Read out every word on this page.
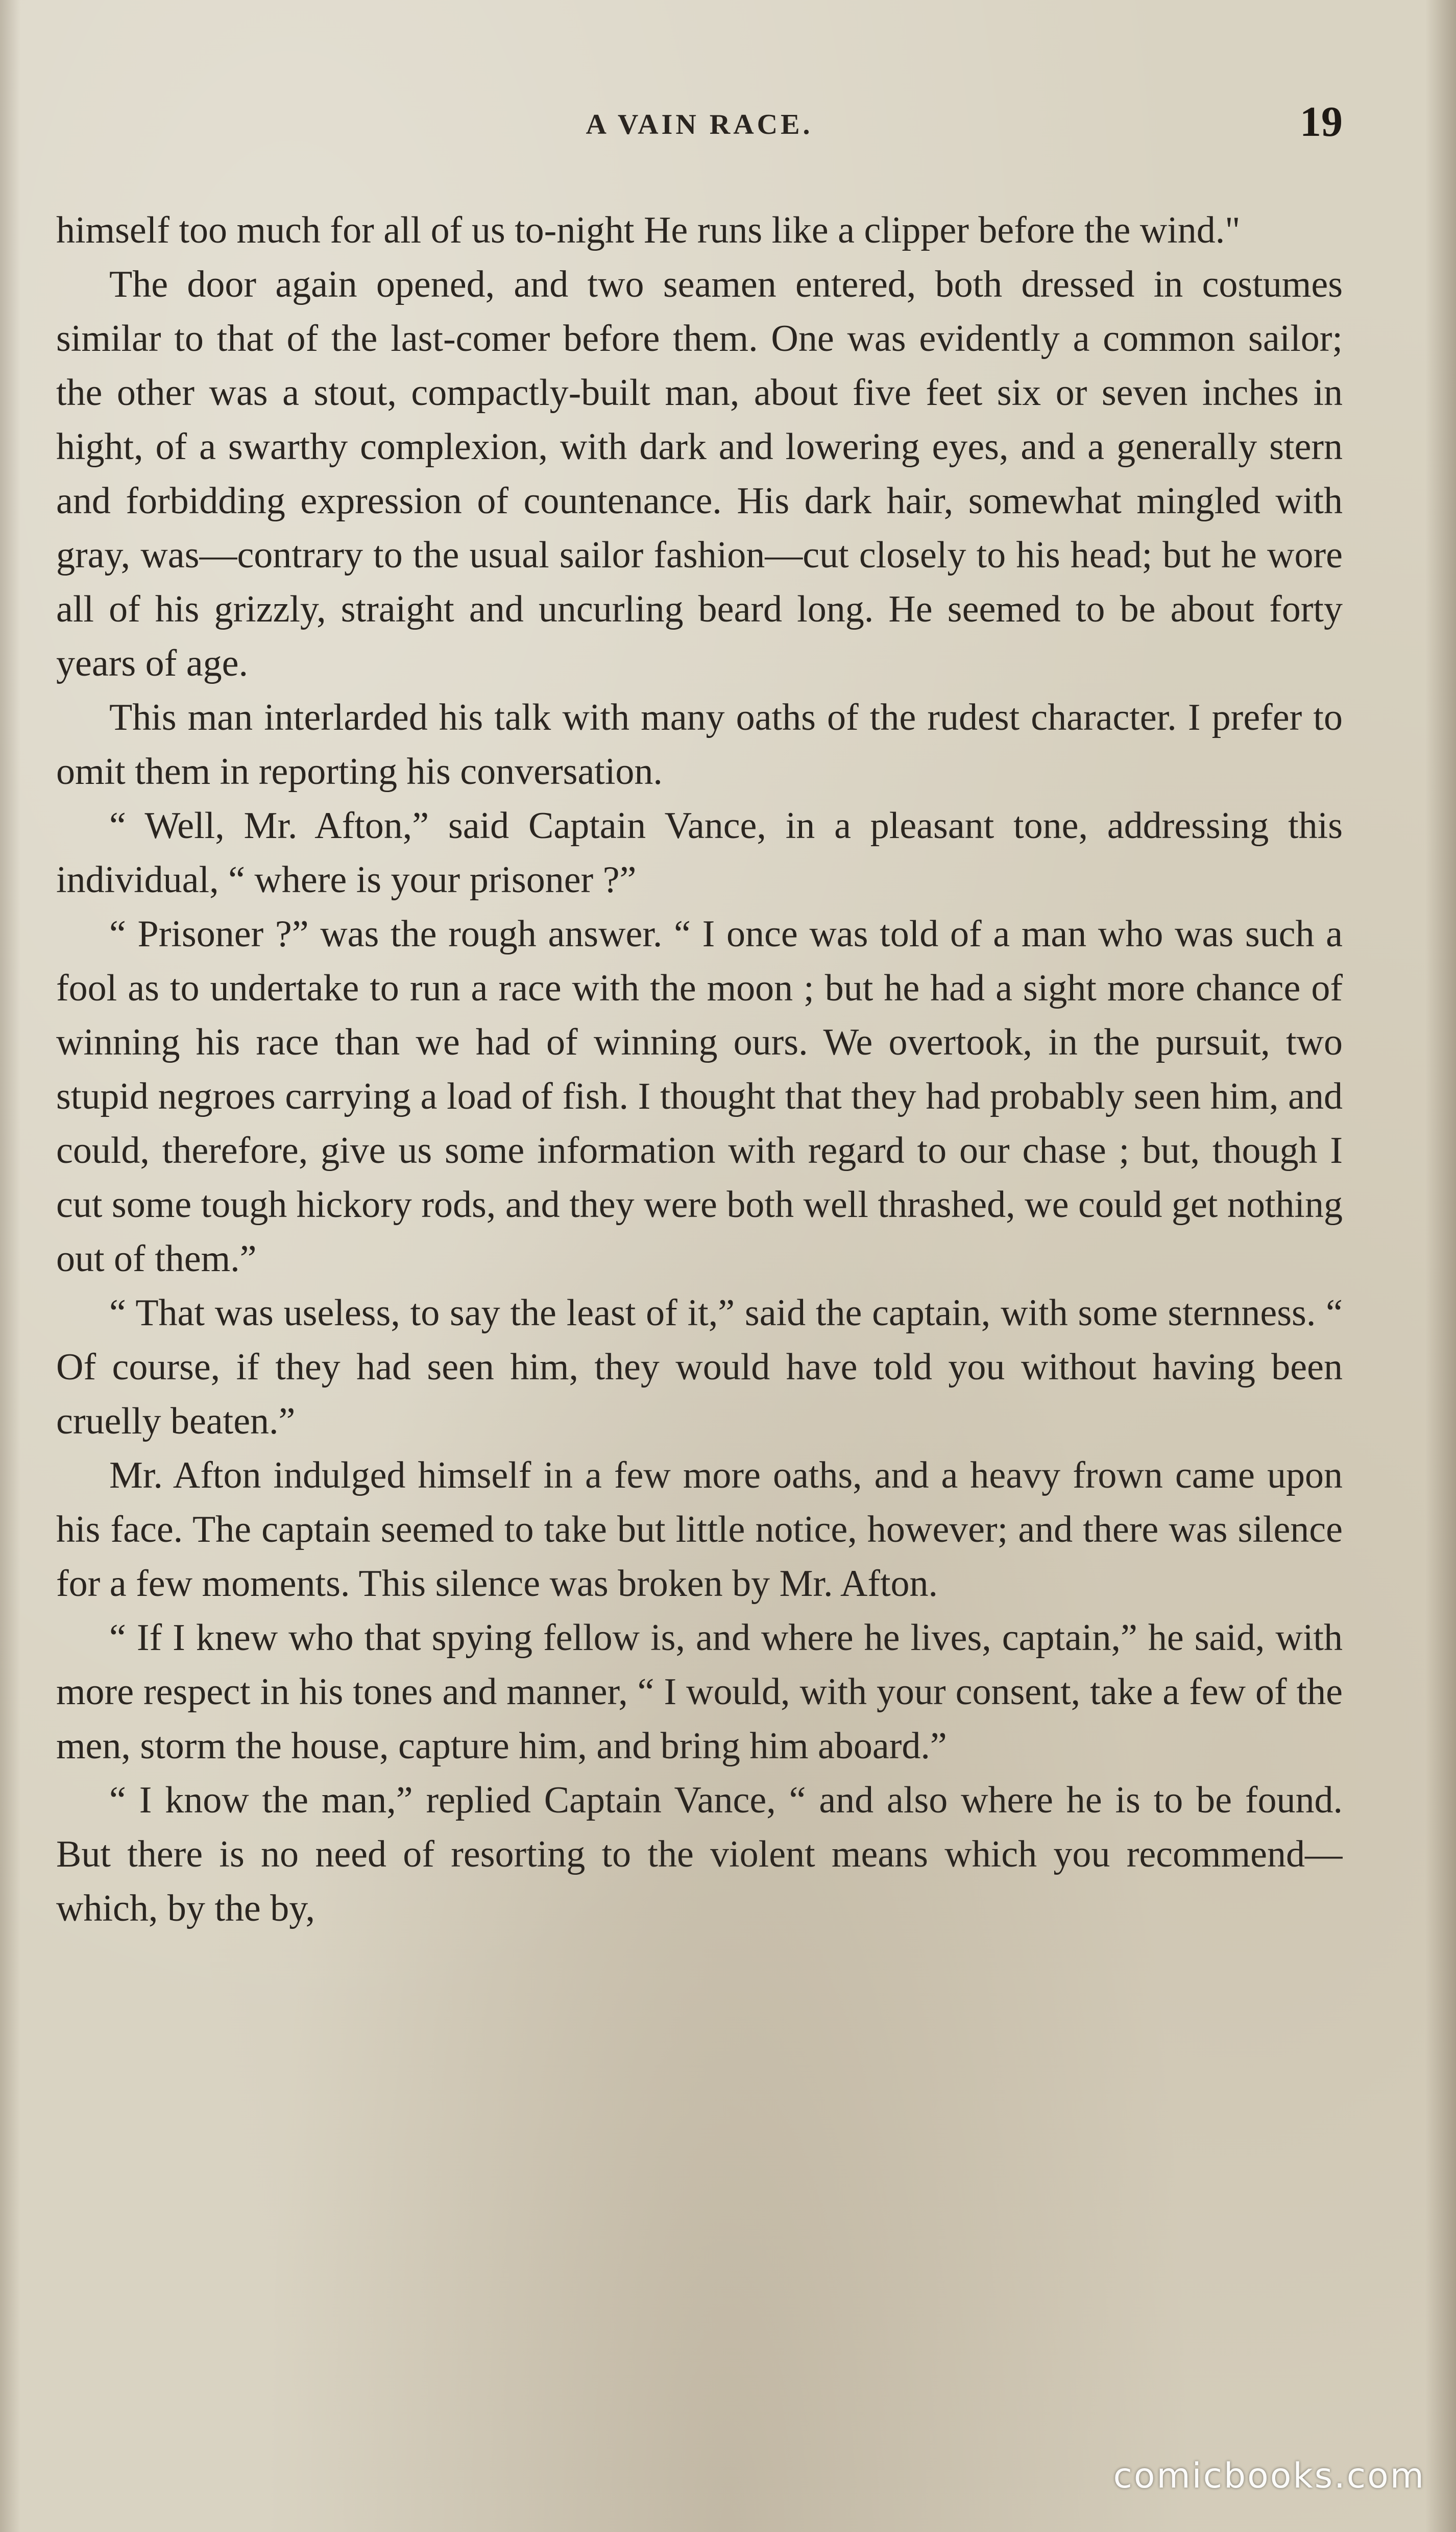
A VAIN RACE.	19

himself too much for all of us to-night He runs like a clipper before the wind."

The door again opened, and two seamen entered, both dressed in costumes similar to that of the last-comer before them. One was evidently a common sailor; the other was a stout, compactly-built man, about five feet six or seven inches in hight, of a swarthy complexion, with dark and lowering eyes, and a generally stern and forbidding expression of countenance. His dark hair, somewhat mingled with gray, was—contrary to the usual sailor fashion—cut closely to his head; but he wore all of his grizzly, straight and uncurling beard long. He seemed to be about forty years of age.

This man interlarded his talk with many oaths of the rudest character. I prefer to omit them in reporting his conversation.

“ Well, Mr. Afton,” said Captain Vance, in a pleasant tone, addressing this individual, “ where is your prisoner ?”

“ Prisoner ?” was the rough answer. “ I once was told of a man who was such a fool as to undertake to run a race with the moon ; but he had a sight more chance of winning his race than we had of winning ours. We overtook, in the pursuit, two stupid negroes carrying a load of fish. I thought that they had probably seen him, and could, therefore, give us some information with regard to our chase ; but, though I cut some tough hickory rods, and they were both well thrashed, we could get nothing out of them.”

“ That was useless, to say the least of it,” said the captain, with some sternness. “ Of course, if they had seen him, they would have told you without having been cruelly beaten.”

Mr. Afton indulged himself in a few more oaths, and a heavy frown came upon his face. The captain seemed to take but little notice, however; and there was silence for a few moments. This silence was broken by Mr. Afton.

“ If I knew who that spying fellow is, and where he lives, captain,” he said, with more respect in his tones and manner, “ I would, with your consent, take a few of the men, storm the house, capture him, and bring him aboard.”

“ I know the man,” replied Captain Vance, “ and also where he is to be found. But there is no need of resorting to the violent means which you recommend—which, by the by,

comicbooks.com
